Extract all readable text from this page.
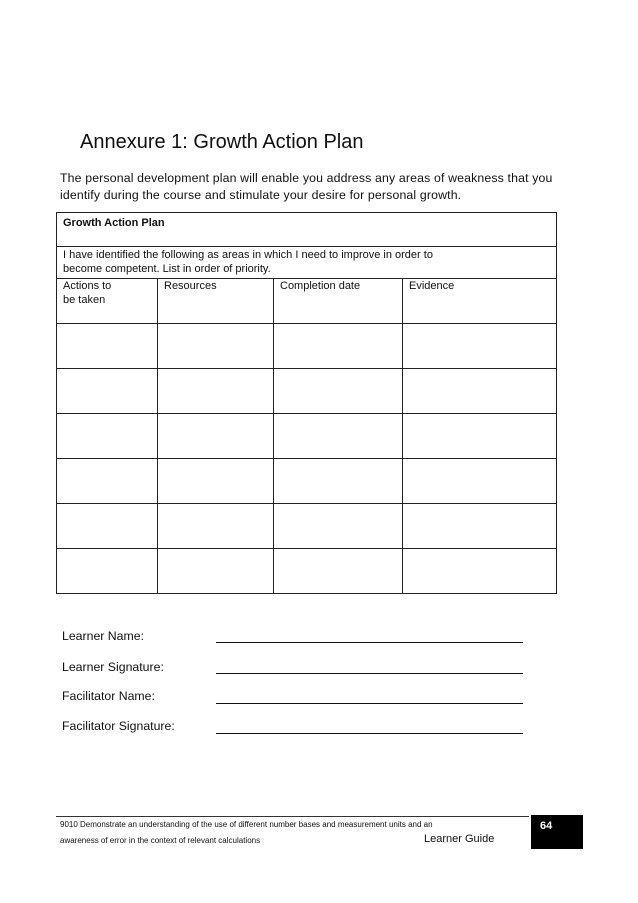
Annexure 1: Growth Action Plan
The personal development plan will enable you address any areas of weakness that you
identify during the course and stimulate your desire for personal growth.
Growth Action Plan			

I have identified the following as areas in which I need to improve in order to
become competent. List in order of priority.			

Actions to
be taken	Resources	Completion date	Evidence

Learner Name:
Learner Signature:
Facilitator Name:
Facilitator Signature:
9010 Demonstrate an understanding of the use of different number bases and measurement units and an
awareness of error in the context of relevant calculations	Learner Guide
64
